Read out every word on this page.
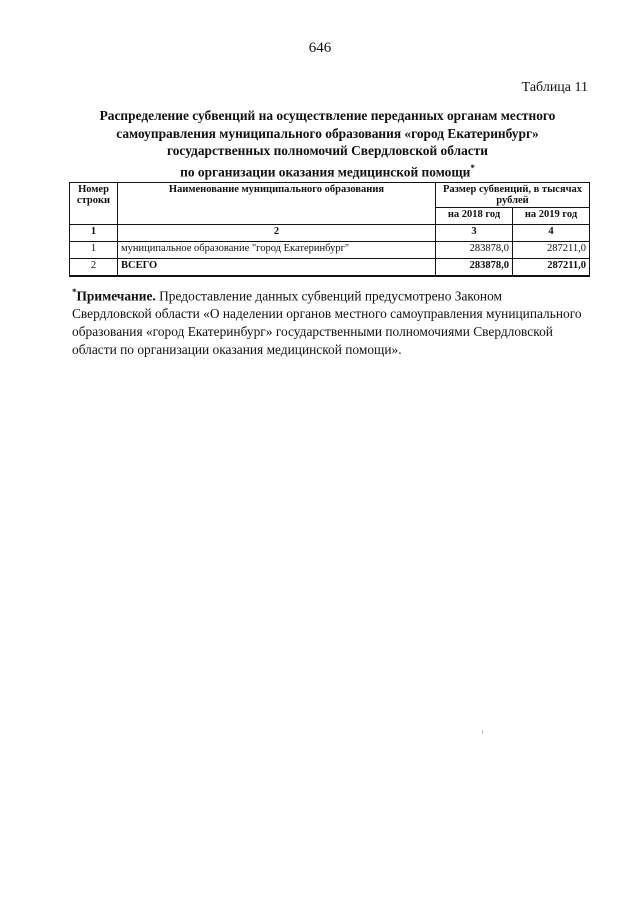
646
Таблица 11
Распределение субвенций на осуществление переданных органам местного
самоуправления муниципального образования «город Екатеринбург»
государственных полномочий Свердловской области
по организации оказания медицинской помощи*
Номер строки	Наименование муниципального образования	Размер субвенций, в тысячах рублей	
		на 2018 год	на 2019 год
1	2	3	4
1	муниципальное образование "город Екатеринбург"	283878,0	287211,0
2	ВСЕГО	283878,0	287211,0
*Примечание. Предоставление данных субвенций предусмотрено Законом Свердловской области «О наделении органов местного самоуправления муниципального образования «город Екатеринбург» государственными полномочиями Свердловской области по организации оказания медицинской помощи».
